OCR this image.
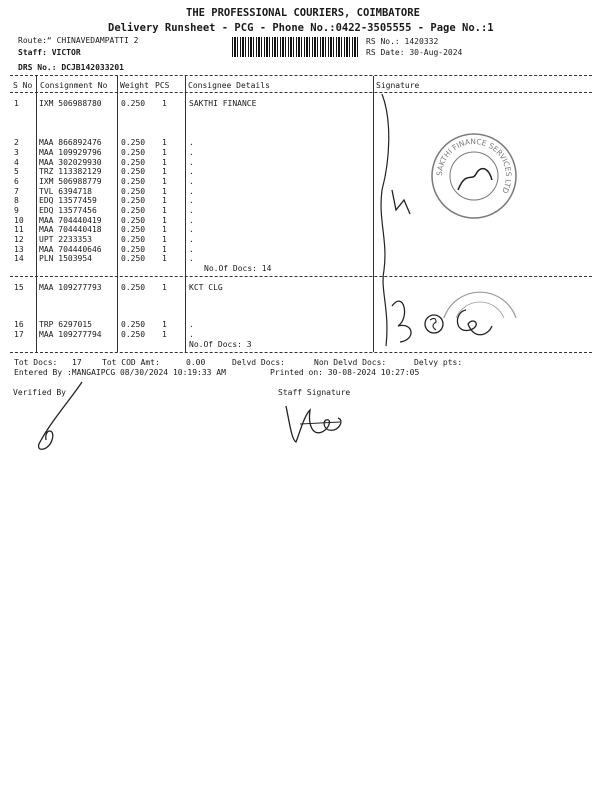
THE PROFESSIONAL COURIERS, COIMBATORE
Delivery Runsheet - PCG - Phone No.:0422-3505555 - Page No.:1
Route:“ CHINAVEDAMPATTI 2
Staff: VICTOR
DRS No.: DCJB142033201
RS No.: 1420332
RS Date: 30-Aug-2024
S No Consignment No Weight PCS Consignee Details	Signature
1	IXM 506988780 0.250 1	SAKTHI FINANCE
2	MAA 866892476 0.250 1	.
3	MAA 109929796 0.250 1	.
4	MAA 302029930 0.250 1	.
5	TRZ 113382129 0.250 1	.
6	IXM 506988779 0.250 1	.
7	TVL 6394718	0.250 1	.
8	EDQ 13577459	0.250 1	.
9	EDQ 13577456	0.250 1	.
10 MAA 704440419 0.250 1	.
11 MAA 704440418 0.250 1	.
12 UPT 2233353	0.250 1	.
13 MAA 704440646 0.250 1	.
14 PLN 1503954	0.250 1	.
No.Of Docs: 14
15 MAA 109277793 0.250 1	KCT CLG
16 TRP 6297015	0.250 1	.
17 MAA 109277794 0.250 1	.
No.Of Docs: 3
Tot Docs: 17	Tot COD Amt:	0.00	Delvd Docs:	Non Delvd Docs:	Delvy pts:
Entered By :MANGAIPCG 08/30/2024 10:19:33 AM	Printed on: 30-08-2024 10:27:05
Verified By	Staff Signature
SAKTHI FINANCE SERVICES LTD
